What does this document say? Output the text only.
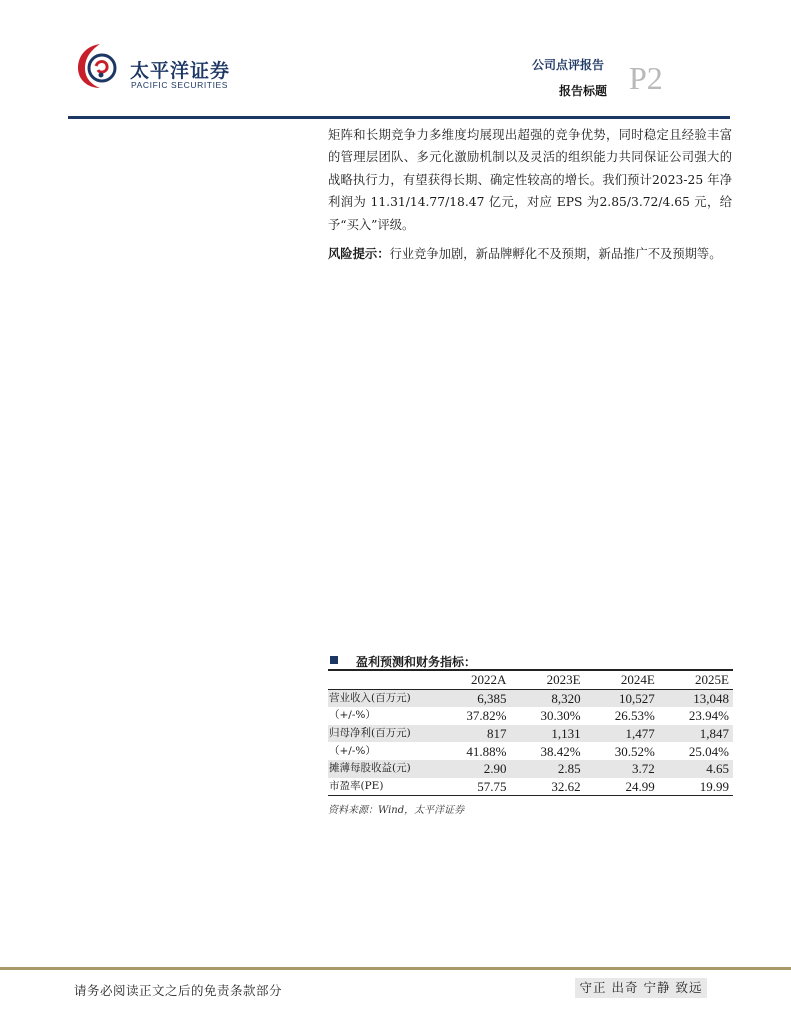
太平洋证券
PACIFIC SECURITIES
公司点评报告
报告标题 P2
矩阵和长期竞争力多维度均展现出超强的竞争优势，同时稳定且经验丰富的管理层团队、多元化激励机制以及灵活的组织能力共同保证公司强大的战略执行力，有望获得长期、确定性较高的增长。我们预计2023-25 年净利润为 11.31/14.77/18.47 亿元，对应 EPS 为2.85/3.72/4.65 元，给予“买入”评级。
风险提示：行业竞争加剧，新品牌孵化不及预期，新品推广不及预期等。
盈利预测和财务指标：
	2022A	2023E	2024E	2025E
营业收入(百万元)	6,385	8,320	10,527	13,048
（+/-%）	37.82%	30.30%	26.53%	23.94%
归母净利(百万元)	817	1,131	1,477	1,847
（+/-%）	41.88%	38.42%	30.52%	25.04%
摊薄每股收益(元)	2.90	2.85	3.72	4.65
市盈率(PE)	57.75	32.62	24.99	19.99
资料来源：Wind，太平洋证券
请务必阅读正文之后的免责条款部分	守正 出奇 宁静 致远
